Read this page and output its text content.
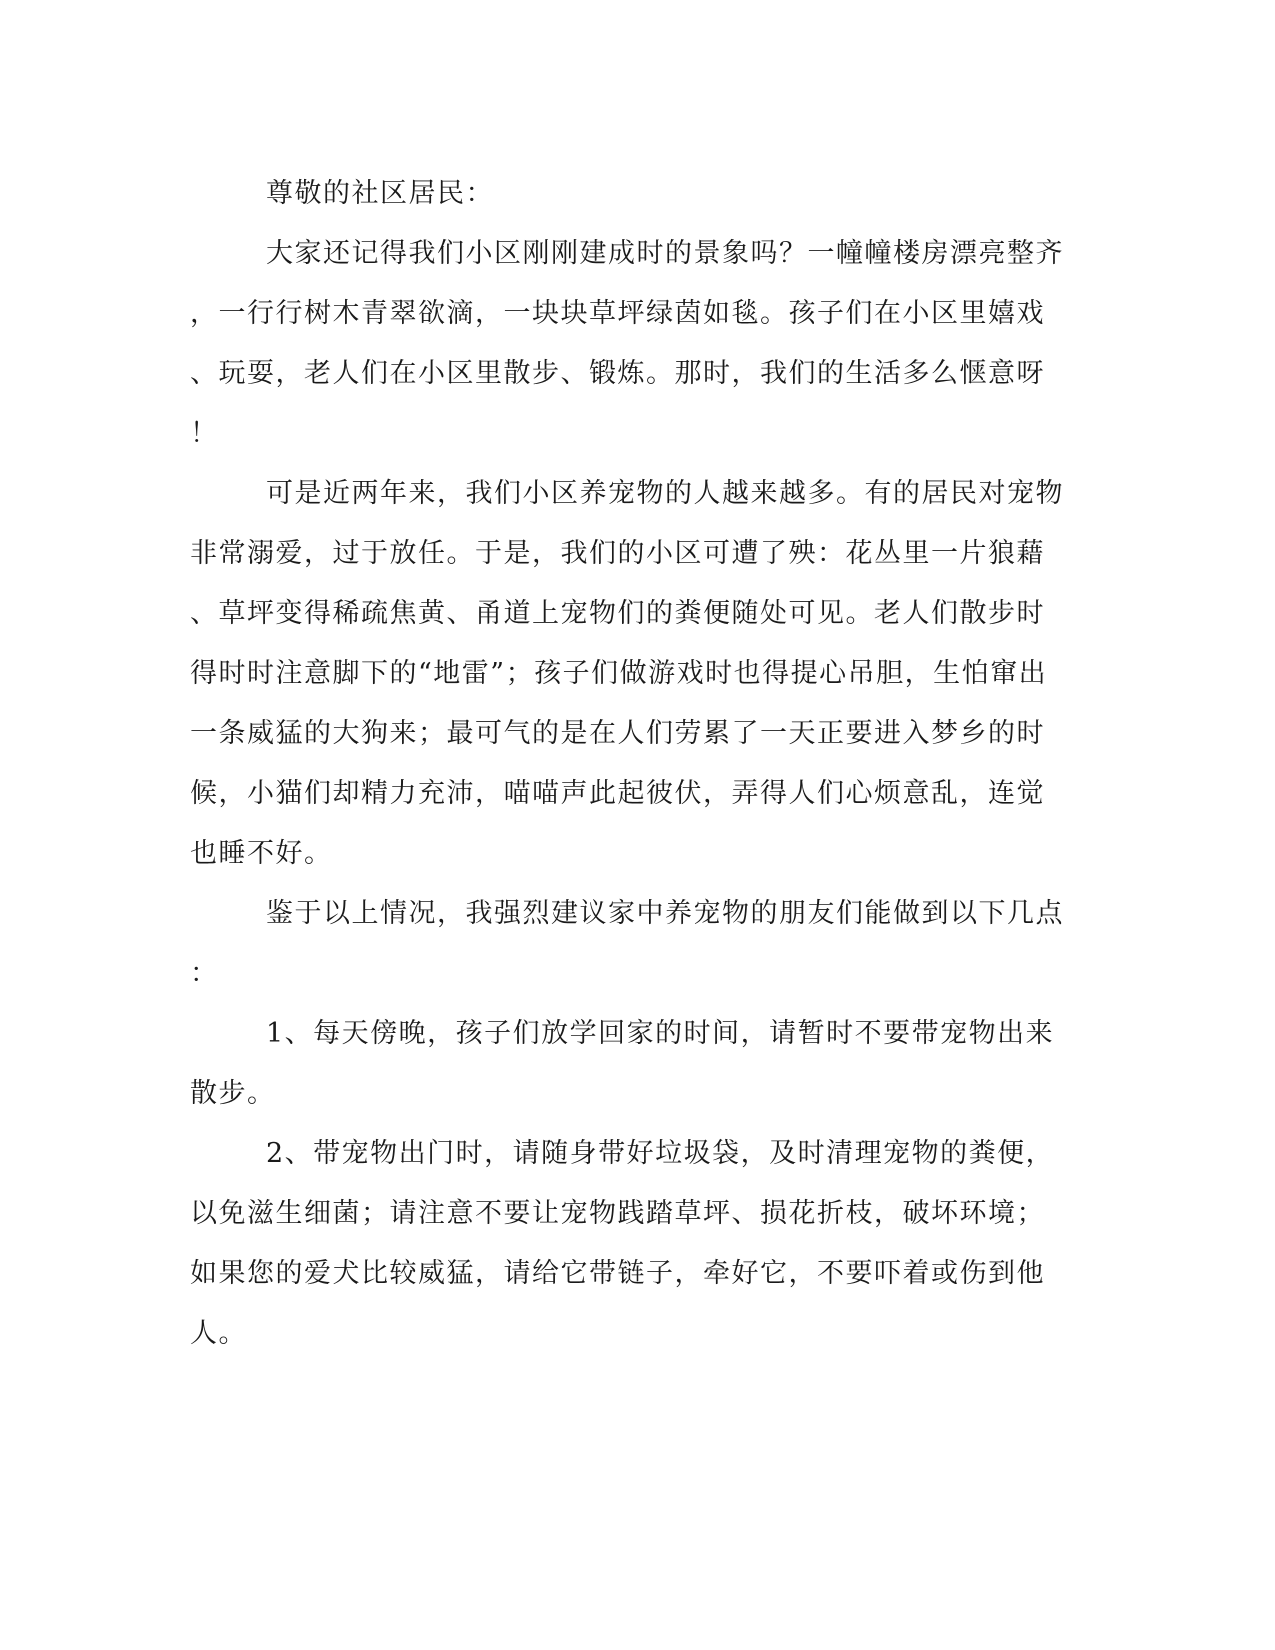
尊敬的社区居民：

大家还记得我们小区刚刚建成时的景象吗？一幢幢楼房漂亮整齐
，一行行树木青翠欲滴，一块块草坪绿茵如毯。孩子们在小区里嬉戏
、玩耍，老人们在小区里散步、锻炼。那时，我们的生活多么惬意呀
！

可是近两年来，我们小区养宠物的人越来越多。有的居民对宠物
非常溺爱，过于放任。于是，我们的小区可遭了殃：花丛里一片狼藉
、草坪变得稀疏焦黄、甬道上宠物们的粪便随处可见。老人们散步时
得时时注意脚下的“地雷”；孩子们做游戏时也得提心吊胆，生怕窜出
一条威猛的大狗来；最可气的是在人们劳累了一天正要进入梦乡的时
候，小猫们却精力充沛，喵喵声此起彼伏，弄得人们心烦意乱，连觉
也睡不好。

鉴于以上情况，我强烈建议家中养宠物的朋友们能做到以下几点
：

1、每天傍晚，孩子们放学回家的时间，请暂时不要带宠物出来
散步。

2、带宠物出门时，请随身带好垃圾袋，及时清理宠物的粪便，
以免滋生细菌；请注意不要让宠物践踏草坪、损花折枝，破坏环境；
如果您的爱犬比较威猛，请给它带链子，牵好它，不要吓着或伤到他
人。
